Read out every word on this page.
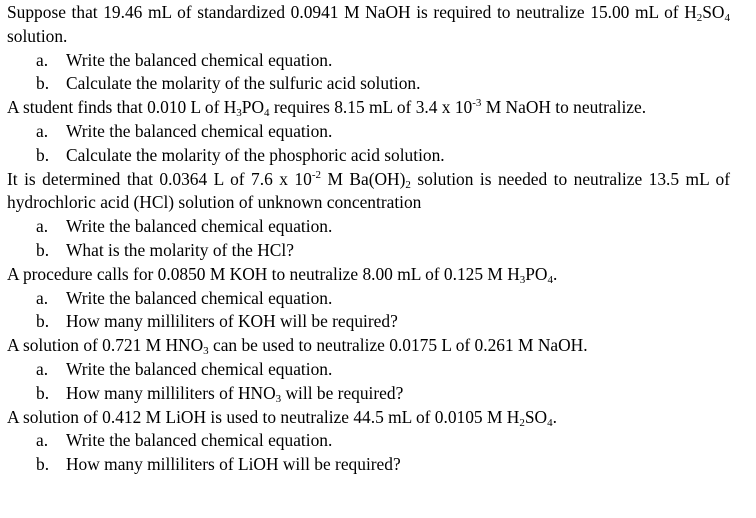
Suppose that 19.46 mL of standardized 0.0941 M NaOH is required to neutralize 15.00 mL of $H_2SO_4$ solution.

a. Write the balanced chemical equation.
b. Calculate the molarity of the sulfuric acid solution.

A student finds that 0.010 L of $H_3PO_4$ requires 8.15 mL of 3.4 x $10^{-3}$ M NaOH to neutralize.

a. Write the balanced chemical equation.
b. Calculate the molarity of the phosphoric acid solution.

It is determined that 0.0364 L of 7.6 x $10^{-2}$ M $Ba(OH)_2$ solution is needed to neutralize 13.5 mL of hydrochloric acid (HCl) solution of unknown concentration

a. Write the balanced chemical equation.
b. What is the molarity of the HCl?

A procedure calls for 0.0850 M KOH to neutralize 8.00 mL of 0.125 M $H_3PO_4$.

a. Write the balanced chemical equation.
b. How many milliliters of KOH will be required?

A solution of 0.721 M $HNO_3$ can be used to neutralize 0.0175 L of 0.261 M NaOH.

a. Write the balanced chemical equation.
b. How many milliliters of $HNO_3$ will be required?

A solution of 0.412 M LiOH is used to neutralize 44.5 mL of 0.0105 M $H_2SO_4$.

a. Write the balanced chemical equation.
b. How many milliliters of LiOH will be required?
